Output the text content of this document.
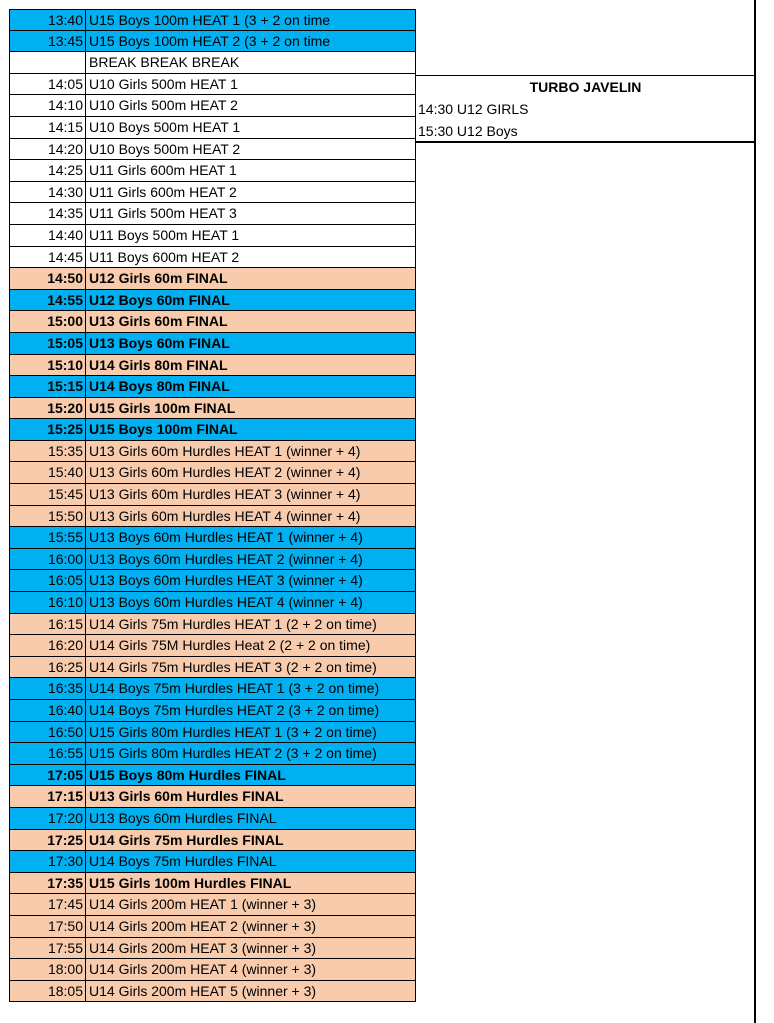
13:40 U15 Boys 100m HEAT 1 (3 + 2 on time
13:45 U15 Boys 100m HEAT 2 (3 + 2 on time
BREAK BREAK BREAK
14:05 U10 Girls 500m HEAT 1
14:10 U10 Girls 500m HEAT 2
14:15 U10 Boys 500m HEAT 1
14:20 U10 Boys 500m HEAT 2
14:25 U11 Girls 600m HEAT 1
14:30 U11 Girls 600m HEAT 2
14:35 U11 Girls 500m HEAT 3
14:40 U11 Boys 500m HEAT 1
14:45 U11 Boys 600m HEAT 2
14:50 U12 Girls 60m FINAL
14:55 U12 Boys 60m FINAL
15:00 U13 Girls 60m FINAL
15:05 U13 Boys 60m FINAL
15:10 U14 Girls 80m FINAL
15:15 U14 Boys 80m FINAL
15:20 U15 Girls 100m FINAL
15:25 U15 Boys 100m FINAL
15:35 U13 Girls 60m Hurdles HEAT 1 (winner + 4)
15:40 U13 Girls 60m Hurdles HEAT 2 (winner + 4)
15:45 U13 Girls 60m Hurdles HEAT 3 (winner + 4)
15:50 U13 Girls 60m Hurdles HEAT 4 (winner + 4)
15:55 U13 Boys 60m Hurdles HEAT 1 (winner + 4)
16:00 U13 Boys 60m Hurdles HEAT 2 (winner + 4)
16:05 U13 Boys 60m Hurdles HEAT 3 (winner + 4)
16:10 U13 Boys 60m Hurdles HEAT 4 (winner + 4)
16:15 U14 Girls 75m Hurdles HEAT 1 (2 + 2 on time)
16:20 U14 Girls 75M Hurdles Heat 2 (2 + 2 on time)
16:25 U14 Girls 75m Hurdles HEAT 3 (2 + 2 on time)
16:35 U14 Boys 75m Hurdles HEAT 1 (3 + 2 on time)
16:40 U14 Boys 75m Hurdles HEAT 2 (3 + 2 on time)
16:50 U15 Girls 80m Hurdles HEAT 1 (3 + 2 on time)
16:55 U15 Girls 80m Hurdles HEAT 2 (3 + 2 on time)
17:05 U15 Boys 80m Hurdles FINAL
17:15 U13 Girls 60m Hurdles FINAL
17:20 U13 Boys 60m Hurdles FINAL
17:25 U14 Girls 75m Hurdles FINAL
17:30 U14 Boys 75m Hurdles FINAL
17:35 U15 Girls 100m Hurdles FINAL
17:45 U14 Girls 200m HEAT 1 (winner + 3)
17:50 U14 Girls 200m HEAT 2 (winner + 3)
17:55 U14 Girls 200m HEAT 3 (winner + 3)
18:00 U14 Girls 200m HEAT 4 (winner + 3)
18:05 U14 Girls 200m HEAT 5 (winner + 3)
TURBO JAVELIN
14:30 U12 GIRLS
15:30 U12 Boys
